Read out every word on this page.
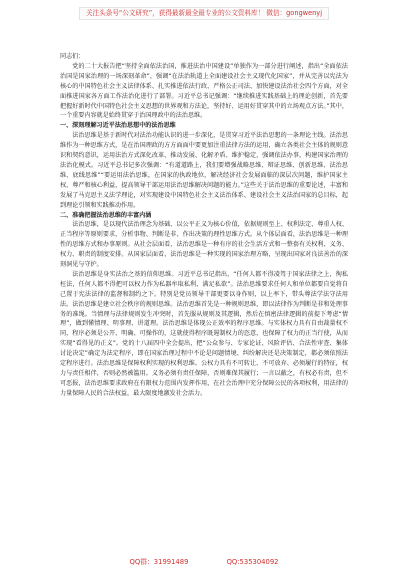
关注头条号“公文研究”，获得最新最全最专业的公文资料库！ 微信：gongwenyj

同志们：

党的二十大报告把“坚持全面依法治国，推进法治中国建设”单独作为一部分进行阐述，指出“全面依法治国是国家治理的一场深刻革命”，强调“在法治轨道上全面建设社会主义现代化国家”，并从完善以宪法为核心的中国特色社会主义法律体系、扎实推进依法行政、严格公正司法、加快建设法治社会四个方面，对全面推进国家各方面工作法治化进行了部署。习近平总书记强调：“继续推进实践基础上的理论创新，首先要把握好新时代中国特色社会主义思想的世界观和方法论，坚持好、运用好贯穿其中的立场观点方法。”其中，一个重要内容就是始终贯穿于治国理政中的法治思维。

一、深刻理解习近平法治思想中的法治思维

法治思维是基于新时代对法治功能认识的进一步深化，是贯穿习近平法治思想的一条理论主线。法治思维作为一种思维方式，是在治国理政的方方面面中要更加注重法律方法的运用，确立各类社会主体的规则意识和契约意识，运用法治方式深化改革、推动发展、化解矛盾、维护稳定，强调依法办事，构建国家治理的法治化模式。习近平总书记多次强调：“有道道路上，我们要增强战略思维、辩证思维、创新思维、法治思维、底线思维”“要运用法治思维，在国家的执政地位，解决经济社会发展面临的深层次问题，维护国家主权、尊严和核心利益，提高领导干部运用法治思维解决问题的能力。”这些关于法治思维的重要论述，丰富和发展了马克思主义法学理论，对实现建设中国特色社会主义法治体系、建设社会主义法治国家的总目标，起到理论引领和实践推动作用。

二、准确把握法治思维的丰富内涵

法治思维，是以现代法治理念为基础、以公平正义为核心价值，依据规则至上、权利法定、尊重人权、正当程序等原则要求，分析事物、判断是非、作出决策的理性思维方式。从个体层面看，法治思维是一种理性的思维方式和办事原则。从社会层面看，法治思维是一种有序的社会生活方式和一整套有关权利、义务、权力、职责的制度安排。从国家层面看，法治思维是一种实现的国家治理方略，呈现出国家对良法善治的深刻洞见与守护。

法治思维是身实法治之基的信仰思维。习近平总书记指出，“任何人都不得凌驾于国家法律之上，徇私枉法，任何人都不得把可以权力作为私器牟取私利、满足私欲”。法治思维要求任何人和单位都要自觉将自己置于宪法法律的监督和制约之下。特别是党员领导干部更要以身作则，以上率下，带头尊法学法守法用法。法治思维是建立社会秩序的规则思维。法治思维首先是一种规则思维，即以法律作为判断是非和处理事务的准绳。当情理与法律规则发生冲突时，首先服从规则及其逻辑，然后在慎密法律逻辑的前提下考虑“情理”，做到懂情理、明事理、讲道理。法治思维是体现公正效率的程序思维。与实体权力具有自由裁量权不同，程序必须是公开、明确、可操作的，这就使得程序既遏制权力的恣意，也保障了权力的正当行使，从而实现“看得见的正义”。党的十八届四中全会提出，把“公众参与、专家论证、风险评估、合法性审查、集体讨论决定”确定为法定程序，即在国家治理过程中不论是问题情境、纠纷解决还是决策制定，都必须依照法定程序进行。法治思维是保障权利实现的权利思维。公权力具有不可转让、不可放弃、必须履行的特征，权力与责任相伴，否则必然被滥用。义务必须有责任保障，否则难保其履行；一言以蔽之，有权必有责，但不可恶报，法治思维要求政府在有限权力范围内发挥作用，在社会治理中充分保障公民的各项权利，用法律的力量保障人民的合法权益，最大限度地激发社会活力。

QQ群：31991489	QQ:535304092
